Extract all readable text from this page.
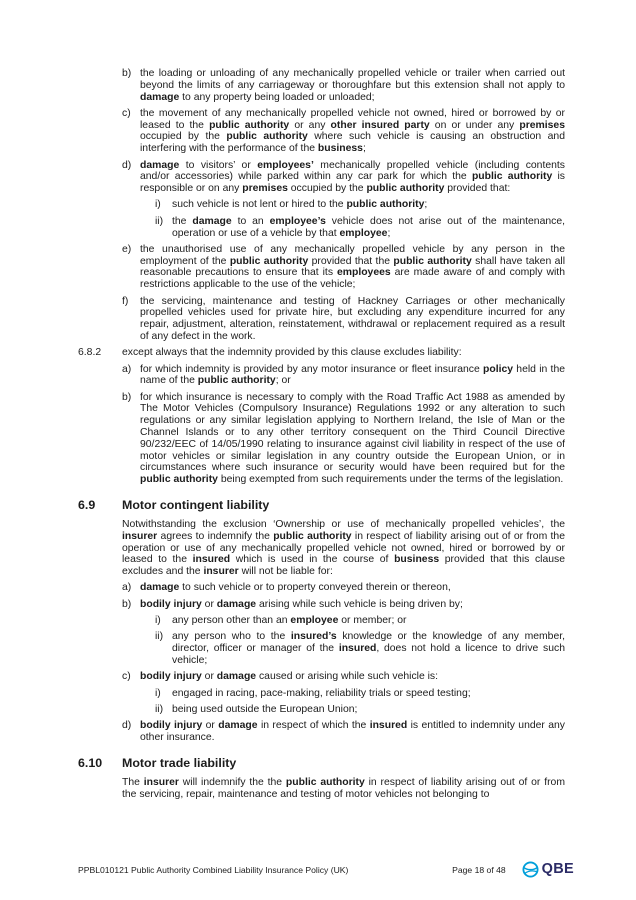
b) the loading or unloading of any mechanically propelled vehicle or trailer when carried out beyond the limits of any carriageway or thoroughfare but this extension shall not apply to damage to any property being loaded or unloaded;
c) the movement of any mechanically propelled vehicle not owned, hired or borrowed by or leased to the public authority or any other insured party on or under any premises occupied by the public authority where such vehicle is causing an obstruction and interfering with the performance of the business;
d) damage to visitors’ or employees’ mechanically propelled vehicle (including contents and/or accessories) while parked within any car park for which the public authority is responsible or on any premises occupied by the public authority provided that:
i)	such vehicle is not lent or hired to the public authority;
ii) the damage to an employee’s vehicle does not arise out of the maintenance, operation or use of a vehicle by that employee;
e) the unauthorised use of any mechanically propelled vehicle by any person in the employment of the public authority provided that the public authority shall have taken all reasonable precautions to ensure that its employees are made aware of and comply with restrictions applicable to the use of the vehicle;
f)	the servicing, maintenance and testing of Hackney Carriages or other mechanically propelled vehicles used for private hire, but excluding any expenditure incurred for any repair, adjustment, alteration, reinstatement, withdrawal or replacement required as a result of any defect in the work.
6.8.2	except always that the indemnity provided by this clause excludes liability:
a) for which indemnity is provided by any motor insurance or fleet insurance policy held in the name of the public authority; or
b) for which insurance is necessary to comply with the Road Traffic Act 1988 as amended by The Motor Vehicles (Compulsory Insurance) Regulations 1992 or any alteration to such regulations or any similar legislation applying to Northern Ireland, the Isle of Man or the Channel Islands or to any other territory consequent on the Third Council Directive 90/232/EEC of 14/05/1990 relating to insurance against civil liability in respect of the use of motor vehicles or similar legislation in any country outside the European Union, or in circumstances where such insurance or security would have been required but for the public authority being exempted from such requirements under the terms of the legislation.
6.9	Motor contingent liability
Notwithstanding the exclusion ‘Ownership or use of mechanically propelled vehicles’, the insurer agrees to indemnify the public authority in respect of liability arising out of or from the operation or use of any mechanically propelled vehicle not owned, hired or borrowed by or leased to the insured which is used in the course of business provided that this clause excludes and the insurer will not be liable for:
a) damage to such vehicle or to property conveyed therein or thereon,
b) bodily injury or damage arising while such vehicle is being driven by;
i)	any person other than an employee or member; or
ii) any person who to the insured’s knowledge or the knowledge of any member, director, officer or manager of the insured, does not hold a licence to drive such vehicle;
c) bodily injury or damage caused or arising while such vehicle is:
i)	engaged in racing, pace-making, reliability trials or speed testing;
ii) being used outside the European Union;
d) bodily injury or damage in respect of which the insured is entitled to indemnity under any other insurance.
6.10	Motor trade liability
The insurer will indemnify the the public authority in respect of liability arising out of or from the servicing, repair, maintenance and testing of motor vehicles not belonging to
PPBL010121 Public Authority Combined Liability Insurance Policy (UK)	Page 18 of 48 QBE
